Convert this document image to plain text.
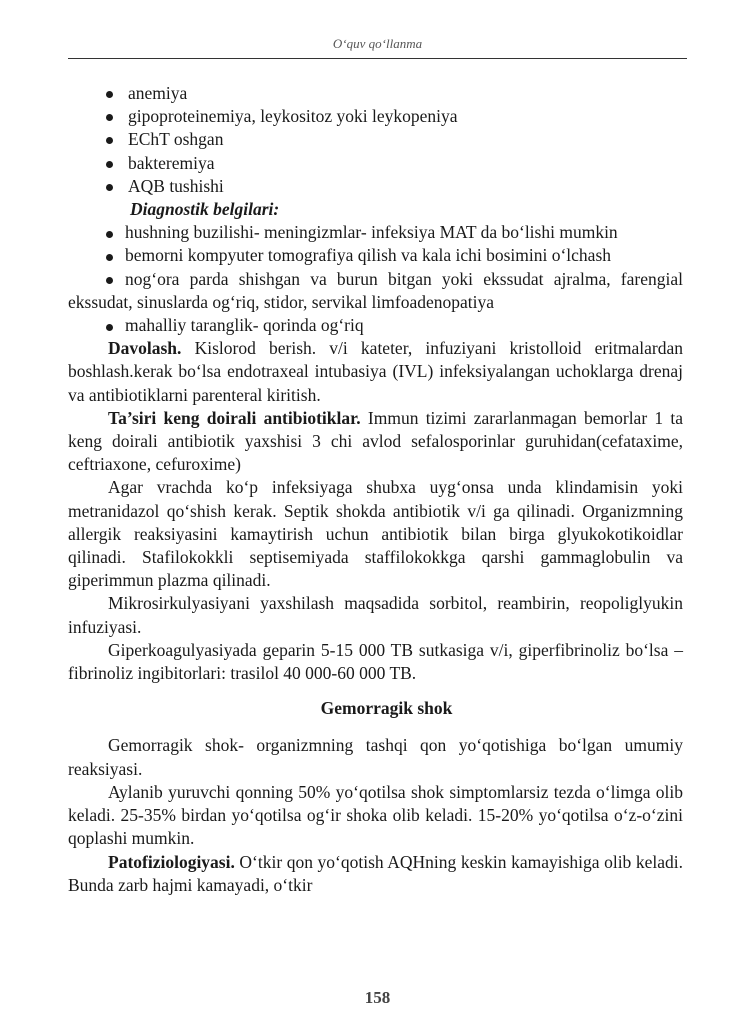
O‘quv qo‘llanma
anemiya
gipoproteinemiya, leykositoz yoki leykopeniya
EChT oshgan
bakteremiya
AQB tushishi
Diagnostik belgilari:
hushning buzilishi- meningizmlar- infeksiya MAT da bo‘lishi mumkin
bemorni kompyuter tomografiya qilish va kala ichi bosimini o‘lchash
nog‘ora parda shishgan va burun bitgan yoki ekssudat ajralma, farengial ekssudat, sinuslarda og‘riq, stidor, servikal limfoadenopatiya
mahalliy taranglik- qorinda og‘riq
Davolash. Kislorod berish. v/i kateter, infuziyani kristolloid eritmalardan boshlash.kerak bo‘lsa endotraxeal intubasiya (IVL) infeksiyalangan uchoklarga drenaj va antibiotiklarni parenteral kiritish.
Ta’siri keng doirali antibiotiklar. Immun tizimi zararlanmagan bemorlar 1 ta keng doirali antibiotik yaxshisi 3 chi avlod sefalosporinlar guruhidan(cefataxime, ceftriaxone, cefuroxime)
Agar vrachda ko‘p infeksiyaga shubxa uyg‘onsa unda klindamisin yoki metranidazol qo‘shish kerak. Septik shokda antibiotik v/i ga qilinadi. Organizmning allergik reaksiyasini kamaytirish uchun antibiotik bilan birga glyukokotikoidlar qilinadi. Stafilokokkli septisemiyada staffilokokkga qarshi gammaglobulin va giperimmun plazma qilinadi.
Mikrosirkulyasiyani yaxshilash maqsadida sorbitol, reambirin, reopoliglyukin infuziyasi.
Giperkoagulyasiyada geparin 5-15 000 TB sutkasiga v/i, giperfibrinoliz bo‘lsa – fibrinoliz ingibitorlari: trasilol 40 000-60 000 TB.
Gemorragik shok
Gemorragik shok- organizmning tashqi qon yo‘qotishiga bo‘lgan umumiy reaksiyasi.
Aylanib yuruvchi qonning 50% yo‘qotilsa shok simptomlarsiz tezda o‘limga olib keladi. 25-35% birdan yo‘qotilsa og‘ir shoka olib keladi. 15-20% yo‘qotilsa o‘z-o‘zini qoplashi mumkin.
Patofiziologiyasi. O‘tkir qon yo‘qotish AQHning keskin kamayishiga olib keladi. Bunda zarb hajmi kamayadi, o‘tkir
158
